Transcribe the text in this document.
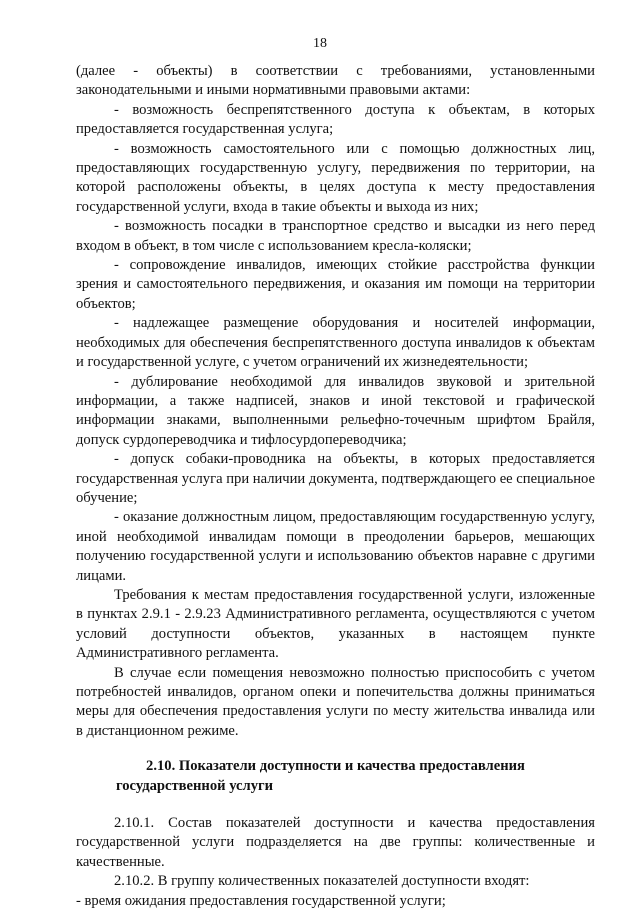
18

(далее - объекты) в соответствии с требованиями, установленными законодательными и иными нормативными правовыми актами:

- возможность беспрепятственного доступа к объектам, в которых предоставляется государственная услуга;

- возможность самостоятельного или с помощью должностных лиц, предоставляющих государственную услугу, передвижения по территории, на которой расположены объекты, в целях доступа к месту предоставления государственной услуги, входа в такие объекты и выхода из них;

- возможность посадки в транспортное средство и высадки из него перед входом в объект, в том числе с использованием кресла-коляски;

- сопровождение инвалидов, имеющих стойкие расстройства функции зрения и самостоятельного передвижения, и оказания им помощи на территории объектов;

- надлежащее размещение оборудования и носителей информации, необходимых для обеспечения беспрепятственного доступа инвалидов к объектам и государственной услуге, с учетом ограничений их жизнедеятельности;

- дублирование необходимой для инвалидов звуковой и зрительной информации, а также надписей, знаков и иной текстовой и графической информации знаками, выполненными рельефно-точечным шрифтом Брайля, допуск сурдопереводчика и тифлосурдопереводчика;

- допуск собаки-проводника на объекты, в которых предоставляется государственная услуга при наличии документа, подтверждающего ее специальное обучение;

- оказание должностным лицом, предоставляющим государственную услугу, иной необходимой инвалидам помощи в преодолении барьеров, мешающих получению государственной услуги и использованию объектов наравне с другими лицами.

Требования к местам предоставления государственной услуги, изложенные в пунктах 2.9.1 - 2.9.23 Административного регламента, осуществляются с учетом условий доступности объектов, указанных в настоящем пункте Административного регламента.

В случае если помещения невозможно полностью приспособить с учетом потребностей инвалидов, органом опеки и попечительства должны приниматься меры для обеспечения предоставления услуги по месту жительства инвалида или в дистанционном режиме.

2.10. Показатели доступности и качества предоставления государственной услуги

2.10.1. Состав показателей доступности и качества предоставления государственной услуги подразделяется на две группы: количественные и качественные.

2.10.2. В группу количественных показателей доступности входят:

- время ожидания предоставления государственной услуги;
